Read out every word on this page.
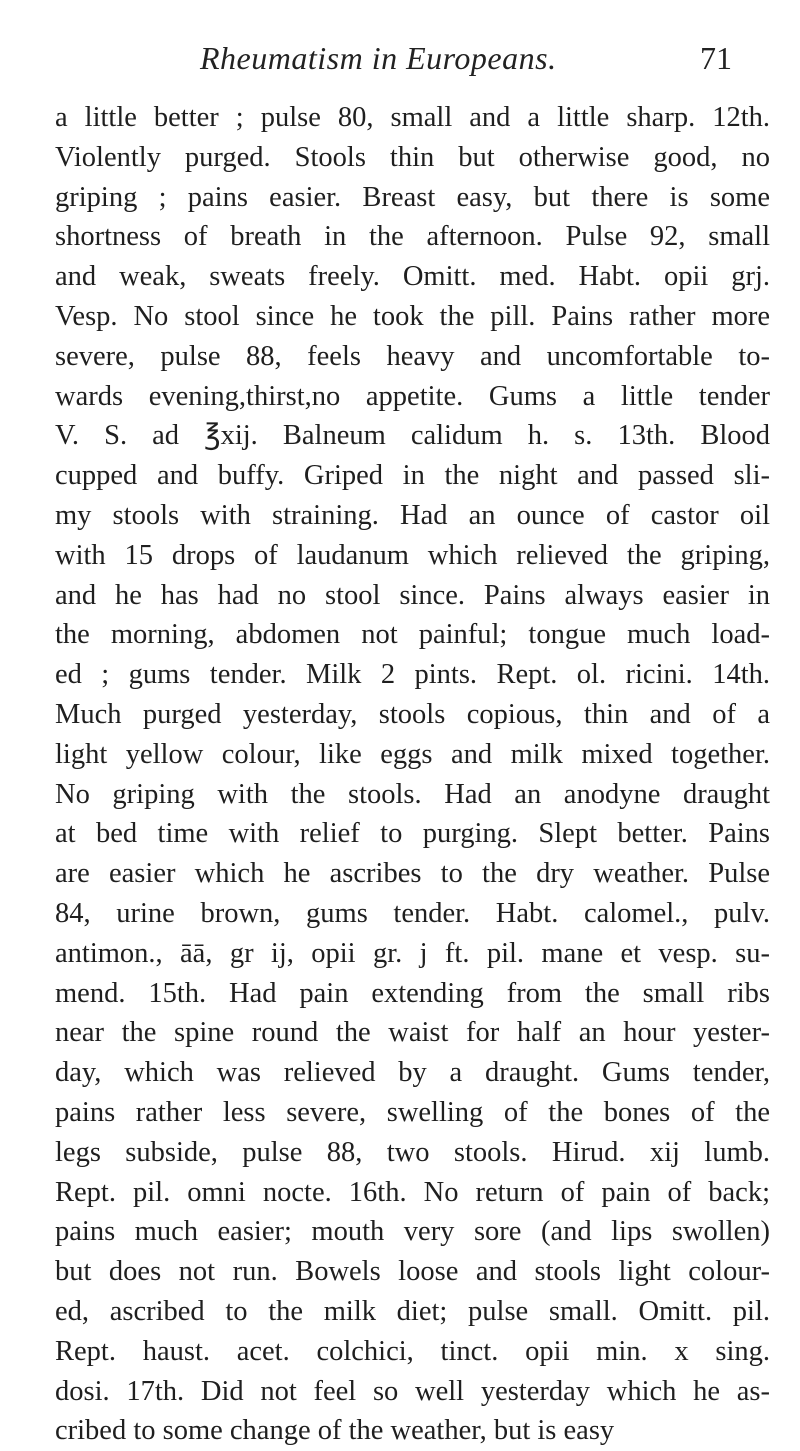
Rheumatism in Europeans.	71
a little better ; pulse 80, small and a little sharp. 12th.
Violently purged. Stools thin but otherwise good, no
griping ; pains easier. Breast easy, but there is some
shortness of breath in the afternoon. Pulse 92, small
and weak, sweats freely. Omitt. med. Habt. opii grj.
Vesp. No stool since he took the pill. Pains rather more
severe, pulse 88, feels heavy and uncomfortable to-
wards evening,thirst,no appetite. Gums a little tender
V. S. ad ℥xij. Balneum calidum h. s. 13th. Blood
cupped and buffy. Griped in the night and passed sli-
my stools with straining. Had an ounce of castor oil
with 15 drops of laudanum which relieved the griping,
and he has had no stool since. Pains always easier in
the morning, abdomen not painful; tongue much load-
ed ; gums tender. Milk 2 pints. Rept. ol. ricini. 14th.
Much purged yesterday, stools copious, thin and of a
light yellow colour, like eggs and milk mixed together.
No griping with the stools. Had an anodyne draught
at bed time with relief to purging. Slept better. Pains
are easier which he ascribes to the dry weather. Pulse
84, urine brown, gums tender. Habt. calomel., pulv.
antimon., āā, gr ij, opii gr. j ft. pil. mane et vesp. su-
mend. 15th. Had pain extending from the small ribs
near the spine round the waist for half an hour yester-
day, which was relieved by a draught. Gums tender,
pains rather less severe, swelling of the bones of the
legs subside, pulse 88, two stools. Hirud. xij lumb.
Rept. pil. omni nocte. 16th. No return of pain of back;
pains much easier; mouth very sore (and lips swollen)
but does not run. Bowels loose and stools light colour-
ed, ascribed to the milk diet; pulse small. Omitt. pil.
Rept. haust. acet. colchici, tinct. opii min. x sing.
dosi. 17th. Did not feel so well yesterday which he as-
cribed to some change of the weather, but is easy
